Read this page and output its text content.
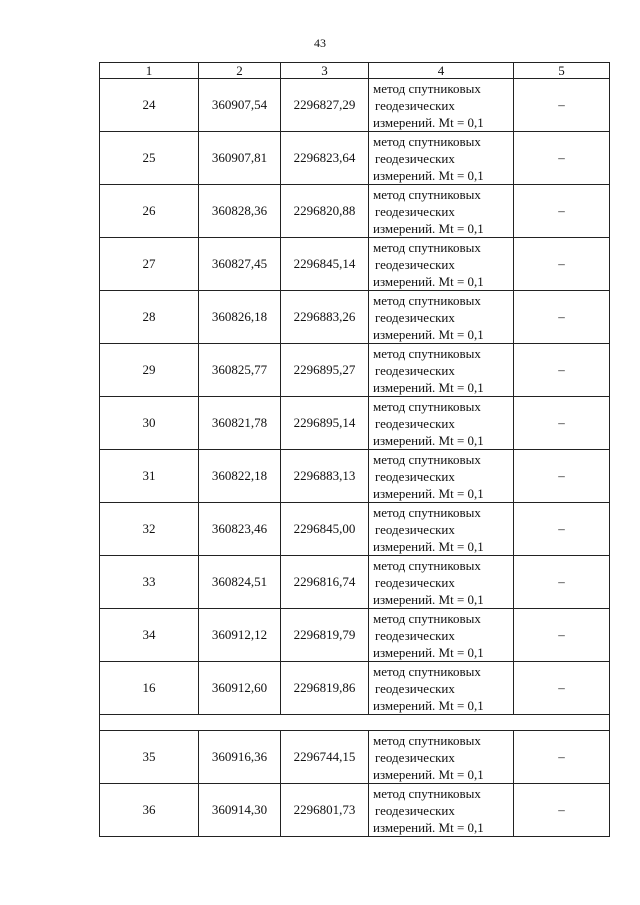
43
1	2	3	4	5
24	360907,54	2296827,29	метод спутниковых
геодезических
измерений. Mt = 0,1	–
25	360907,81	2296823,64	метод спутниковых
геодезических
измерений. Mt = 0,1	–
26	360828,36	2296820,88	метод спутниковых
геодезических
измерений. Mt = 0,1	–
27	360827,45	2296845,14	метод спутниковых
геодезических
измерений. Mt = 0,1	–
28	360826,18	2296883,26	метод спутниковых
геодезических
измерений. Mt = 0,1	–
29	360825,77	2296895,27	метод спутниковых
геодезических
измерений. Mt = 0,1	–
30	360821,78	2296895,14	метод спутниковых
геодезических
измерений. Mt = 0,1	–
31	360822,18	2296883,13	метод спутниковых
геодезических
измерений. Mt = 0,1	–
32	360823,46	2296845,00	метод спутниковых
геодезических
измерений. Mt = 0,1	–
33	360824,51	2296816,74	метод спутниковых
геодезических
измерений. Mt = 0,1	–
34	360912,12	2296819,79	метод спутниковых
геодезических
измерений. Mt = 0,1	–
16	360912,60	2296819,86	метод спутниковых
геодезических
измерений. Mt = 0,1	–

35	360916,36	2296744,15	метод спутниковых
геодезических
измерений. Mt = 0,1	–
36	360914,30	2296801,73	метод спутниковых
геодезических
измерений. Mt = 0,1	–
